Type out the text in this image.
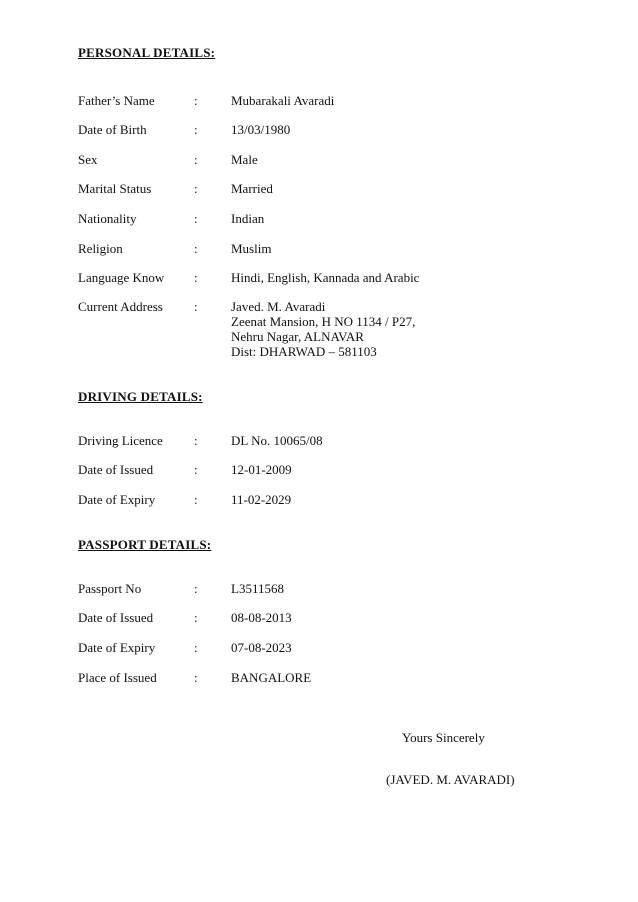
PERSONAL DETAILS:
Father’s Name	:	Mubarakali Avaradi
Date of Birth	:	13/03/1980
Sex	:	Male
Marital Status	:	Married
Nationality	:	Indian
Religion	:	Muslim
Language Know :	Hindi, English, Kannada and Arabic
Current Address :	Javed. M. Avaradi
Zeenat Mansion, H NO 1134 / P27,
Nehru Nagar, ALNAVAR
Dist: DHARWAD – 581103
DRIVING DETAILS:
Driving Licence :	DL No. 10065/08
Date of Issued	:	12-01-2009
Date of Expiry	:	11-02-2029
PASSPORT DETAILS:
Passport No	:	L3511568
Date of Issued	:	08-08-2013
Date of Expiry	:	07-08-2023
Place of Issued	:	BANGALORE
Yours Sincerely
(JAVED. M. AVARADI)
